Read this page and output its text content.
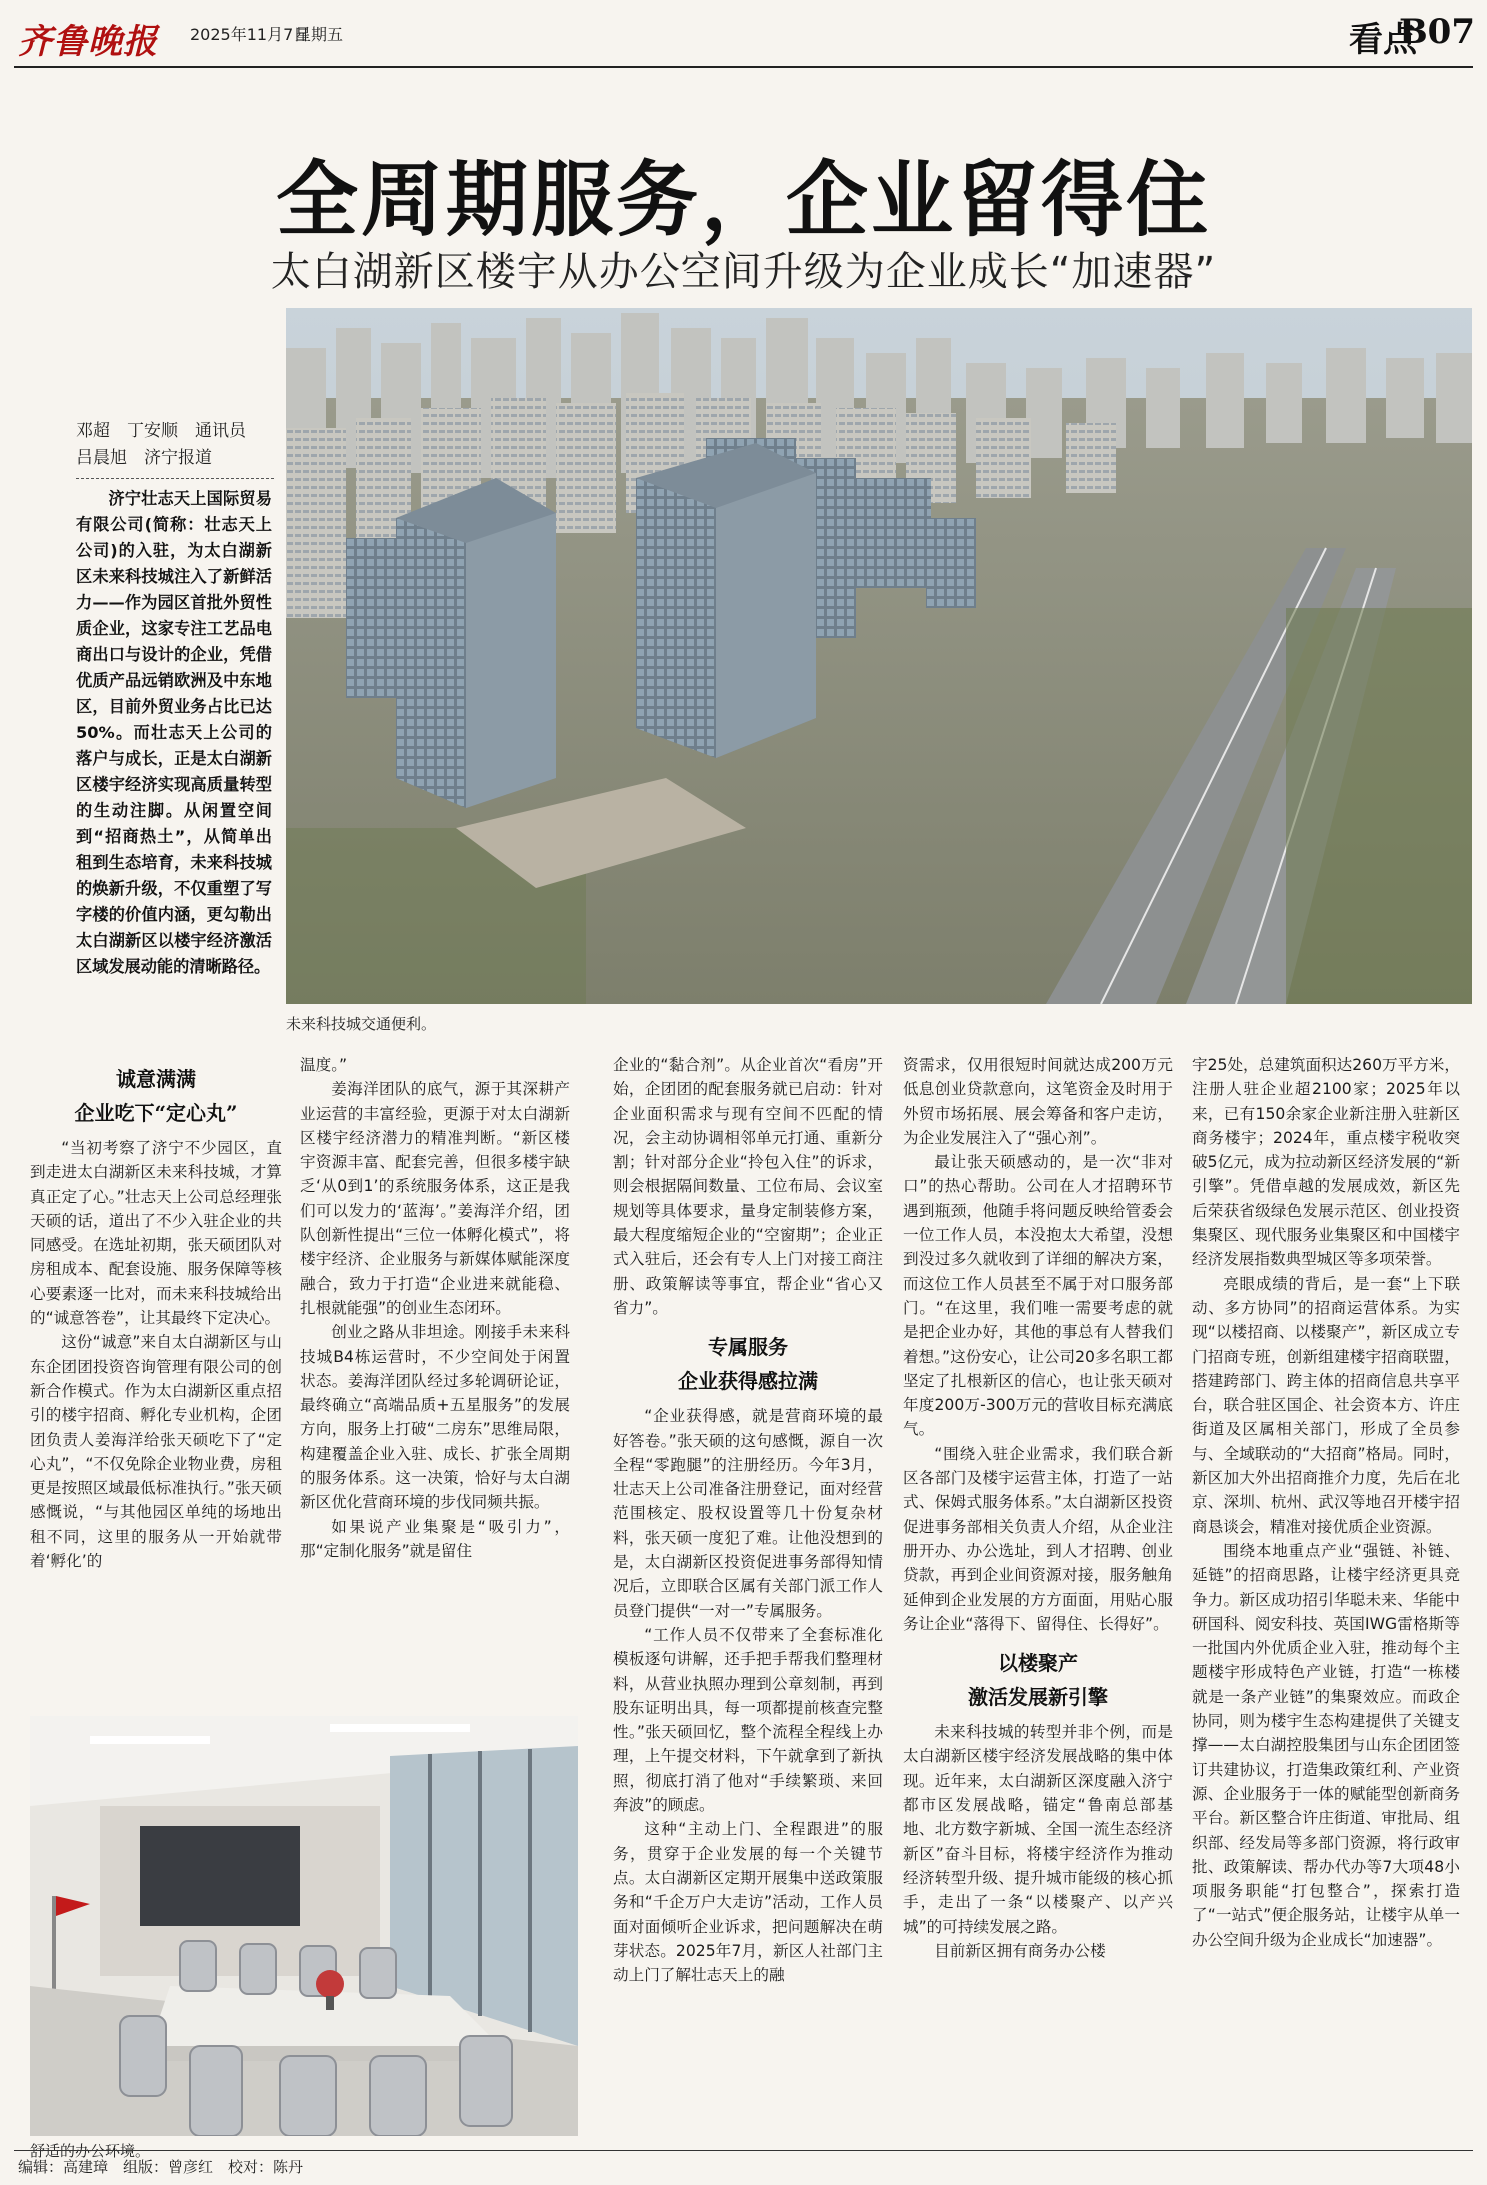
齐鲁晚报 2025年11月7日
星期五	看点
B07
全周期服务，企业留得住
太白湖新区楼宇从办公空间升级为企业成长“加速器”
未来科技城交通便利。
邓超　丁安顺　通讯员
吕晨旭　济宁报道
济宁壮志天上国际贸易有限公司(简称：壮志天上公司)的入驻，为太白湖新区未来科技城注入了新鲜活力——作为园区首批外贸性质企业，这家专注工艺品电商出口与设计的企业，凭借优质产品远销欧洲及中东地区，目前外贸业务占比已达50%。而壮志天上公司的落户与成长，正是太白湖新区楼宇经济实现高质量转型的生动注脚。从闲置空间到“招商热土”，从简单出租到生态培育，未来科技城的焕新升级，不仅重塑了写字楼的价值内涵，更勾勒出太白湖新区以楼宇经济激活区域发展动能的清晰路径。
诚意满满
企业吃下“定心丸”

“当初考察了济宁不少园区，直到走进太白湖新区未来科技城，才算真正定了心。”壮志天上公司总经理张天硕的话，道出了不少入驻企业的共同感受。在选址初期，张天硕团队对房租成本、配套设施、服务保障等核心要素逐一比对，而未来科技城给出的“诚意答卷”，让其最终下定决心。

这份“诚意”来自太白湖新区与山东企团团投资咨询管理有限公司的创新合作模式。作为太白湖新区重点招引的楼宇招商、孵化专业机构，企团团负责人姜海洋给张天硕吃下了“定心丸”，“不仅免除企业物业费，房租更是按照区域最低标准执行。”张天硕感慨说，“与其他园区单纯的场地出租不同，这里的服务从一开始就带着‘孵化’的

温度。”

姜海洋团队的底气，源于其深耕产业运营的丰富经验，更源于对太白湖新区楼宇经济潜力的精准判断。“新区楼宇资源丰富、配套完善，但很多楼宇缺乏‘从0到1’的系统服务体系，这正是我们可以发力的‘蓝海’。”姜海洋介绍，团队创新性提出“三位一体孵化模式”，将楼宇经济、企业服务与新媒体赋能深度融合，致力于打造“企业进来就能稳、扎根就能强”的创业生态闭环。

创业之路从非坦途。刚接手未来科技城B4栋运营时，不少空间处于闲置状态。姜海洋团队经过多轮调研论证，最终确立“高端品质+五星服务”的发展方向，服务上打破“二房东”思维局限，构建覆盖企业入驻、成长、扩张全周期的服务体系。这一决策，恰好与太白湖新区优化营商环境的步伐同频共振。

如果说产业集聚是“吸引力”，那“定制化服务”就是留住

舒适的办公环境。

企业的“黏合剂”。从企业首次“看房”开始，企团团的配套服务就已启动：针对企业面积需求与现有空间不匹配的情况，会主动协调相邻单元打通、重新分割；针对部分企业“拎包入住”的诉求，则会根据隔间数量、工位布局、会议室规划等具体要求，量身定制装修方案，最大程度缩短企业的“空窗期”；企业正式入驻后，还会有专人上门对接工商注册、政策解读等事宜，帮企业“省心又省力”。

专属服务
企业获得感拉满

“企业获得感，就是营商环境的最好答卷。”张天硕的这句感慨，源自一次全程“零跑腿”的注册经历。今年3月，壮志天上公司准备注册登记，面对经营范围核定、股权设置等几十份复杂材料，张天硕一度犯了难。让他没想到的是，太白湖新区投资促进事务部得知情况后，立即联合区属有关部门派工作人员登门提供“一对一”专属服务。

“工作人员不仅带来了全套标准化模板逐句讲解，还手把手帮我们整理材料，从营业执照办理到公章刻制，再到股东证明出具，每一项都提前核查完整性。”张天硕回忆，整个流程全程线上办理，上午提交材料，下午就拿到了新执照，彻底打消了他对“手续繁琐、来回奔波”的顾虑。

这种“主动上门、全程跟进”的服务，贯穿于企业发展的每一个关键节点。太白湖新区定期开展集中送政策服务和“千企万户大走访”活动，工作人员面对面倾听企业诉求，把问题解决在萌芽状态。2025年7月，新区人社部门主动上门了解壮志天上的融

资需求，仅用很短时间就达成200万元低息创业贷款意向，这笔资金及时用于外贸市场拓展、展会筹备和客户走访，为企业发展注入了“强心剂”。

最让张天硕感动的，是一次“非对口”的热心帮助。公司在人才招聘环节遇到瓶颈，他随手将问题反映给管委会一位工作人员，本没抱太大希望，没想到没过多久就收到了详细的解决方案，而这位工作人员甚至不属于对口服务部门。“在这里，我们唯一需要考虑的就是把企业办好，其他的事总有人替我们着想。”这份安心，让公司20多名职工都坚定了扎根新区的信心，也让张天硕对年度200万-300万元的营收目标充满底气。

“围绕入驻企业需求，我们联合新区各部门及楼宇运营主体，打造了一站式、保姆式服务体系。”太白湖新区投资促进事务部相关负责人介绍，从企业注册开办、办公选址，到人才招聘、创业贷款，再到企业间资源对接，服务触角延伸到企业发展的方方面面，用贴心服务让企业“落得下、留得住、长得好”。

以楼聚产
激活发展新引擎

未来科技城的转型并非个例，而是太白湖新区楼宇经济发展战略的集中体现。近年来，太白湖新区深度融入济宁都市区发展战略，锚定“鲁南总部基地、北方数字新城、全国一流生态经济新区”奋斗目标，将楼宇经济作为推动经济转型升级、提升城市能级的核心抓手，走出了一条“以楼聚产、以产兴城”的可持续发展之路。

目前新区拥有商务办公楼

宇25处，总建筑面积达260万平方米，注册人驻企业超2100家；2025年以来，已有150余家企业新注册入驻新区商务楼宇；2024年，重点楼宇税收突破5亿元，成为拉动新区经济发展的“新引擎”。凭借卓越的发展成效，新区先后荣获省级绿色发展示范区、创业投资集聚区、现代服务业集聚区和中国楼宇经济发展指数典型城区等多项荣誉。

亮眼成绩的背后，是一套“上下联动、多方协同”的招商运营体系。为实现“以楼招商、以楼聚产”，新区成立专门招商专班，创新组建楼宇招商联盟，搭建跨部门、跨主体的招商信息共享平台，联合驻区国企、社会资本方、许庄街道及区属相关部门，形成了全员参与、全域联动的“大招商”格局。同时，新区加大外出招商推介力度，先后在北京、深圳、杭州、武汉等地召开楼宇招商恳谈会，精准对接优质企业资源。

围绕本地重点产业“强链、补链、延链”的招商思路，让楼宇经济更具竞争力。新区成功招引华聪未来、华能中研国科、阅安科技、英国IWG雷格斯等一批国内外优质企业入驻，推动每个主题楼宇形成特色产业链，打造“一栋楼就是一条产业链”的集聚效应。而政企协同，则为楼宇生态构建提供了关键支撑——太白湖控股集团与山东企团团签订共建协议，打造集政策红利、产业资源、企业服务于一体的赋能型创新商务平台。新区整合许庄街道、审批局、组织部、经发局等多部门资源，将行政审批、政策解读、帮办代办等7大项48小项服务职能“打包整合”，探索打造了“一站式”便企服务站，让楼宇从单一办公空间升级为企业成长“加速器”。

编辑：高建璋　组版：曾彦红　校对：陈丹
